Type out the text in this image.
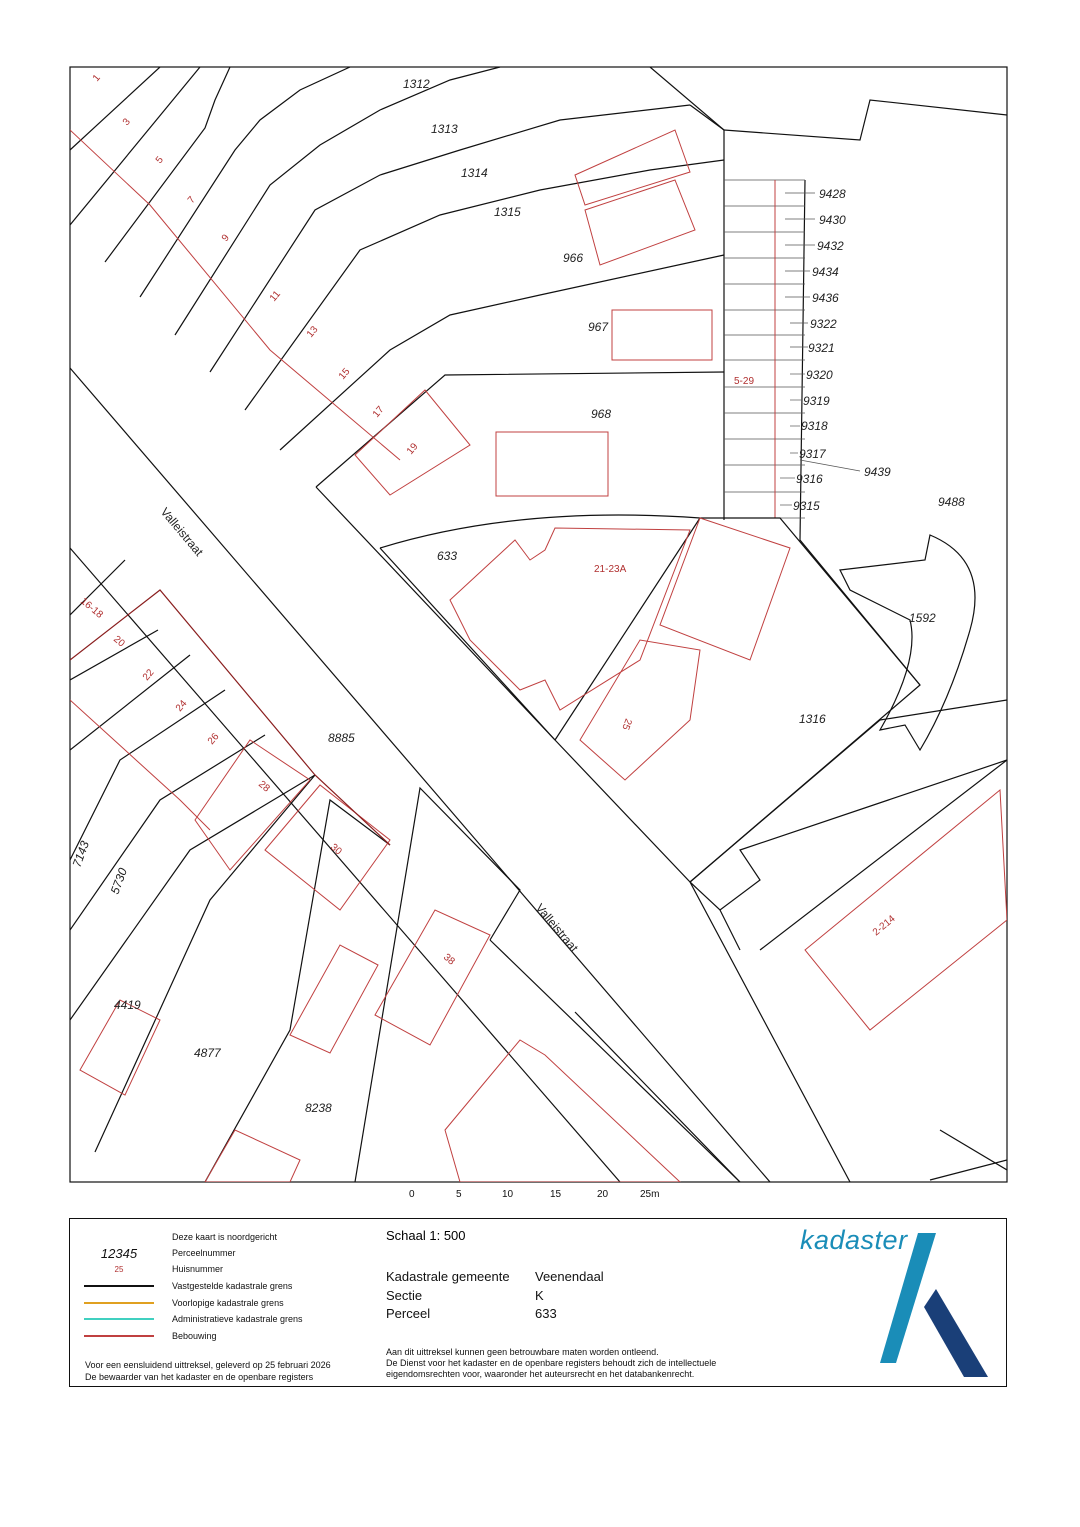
1312
1313
1314
1315
966
967
968
633
8885
1316
1592
9488
9439
7143
5730
4419
4877
8238
9428
9430
9432
9434
9436
9322
9321
9320
9319
9318
9317
9316
9315
1
3
5
7
9
11
13
15
17
19
21-23A
25
5-29
16-18
20
22
24
26
28
30
38
2-214
Valleistraat
Valleistraat
0	5	10	15	20	25m
Deze kaart is noordgericht
12345	Perceelnummer
25	Huisnummer
Vastgestelde kadastrale grens
Voorlopige kadastrale grens
Administratieve kadastrale grens
Bebouwing
Voor een eensluidend uittreksel, geleverd op 25 februari 2026
De bewaarder van het kadaster en de openbare registers
Schaal 1: 500
Kadastrale gemeente Veenendaal
Sectie	K
Perceel	633
Aan dit uittreksel kunnen geen betrouwbare maten worden ontleend.
De Dienst voor het kadaster en de openbare registers behoudt zich de intellectuele
eigendomsrechten voor, waaronder het auteursrecht en het databankenrecht.
kadaster
